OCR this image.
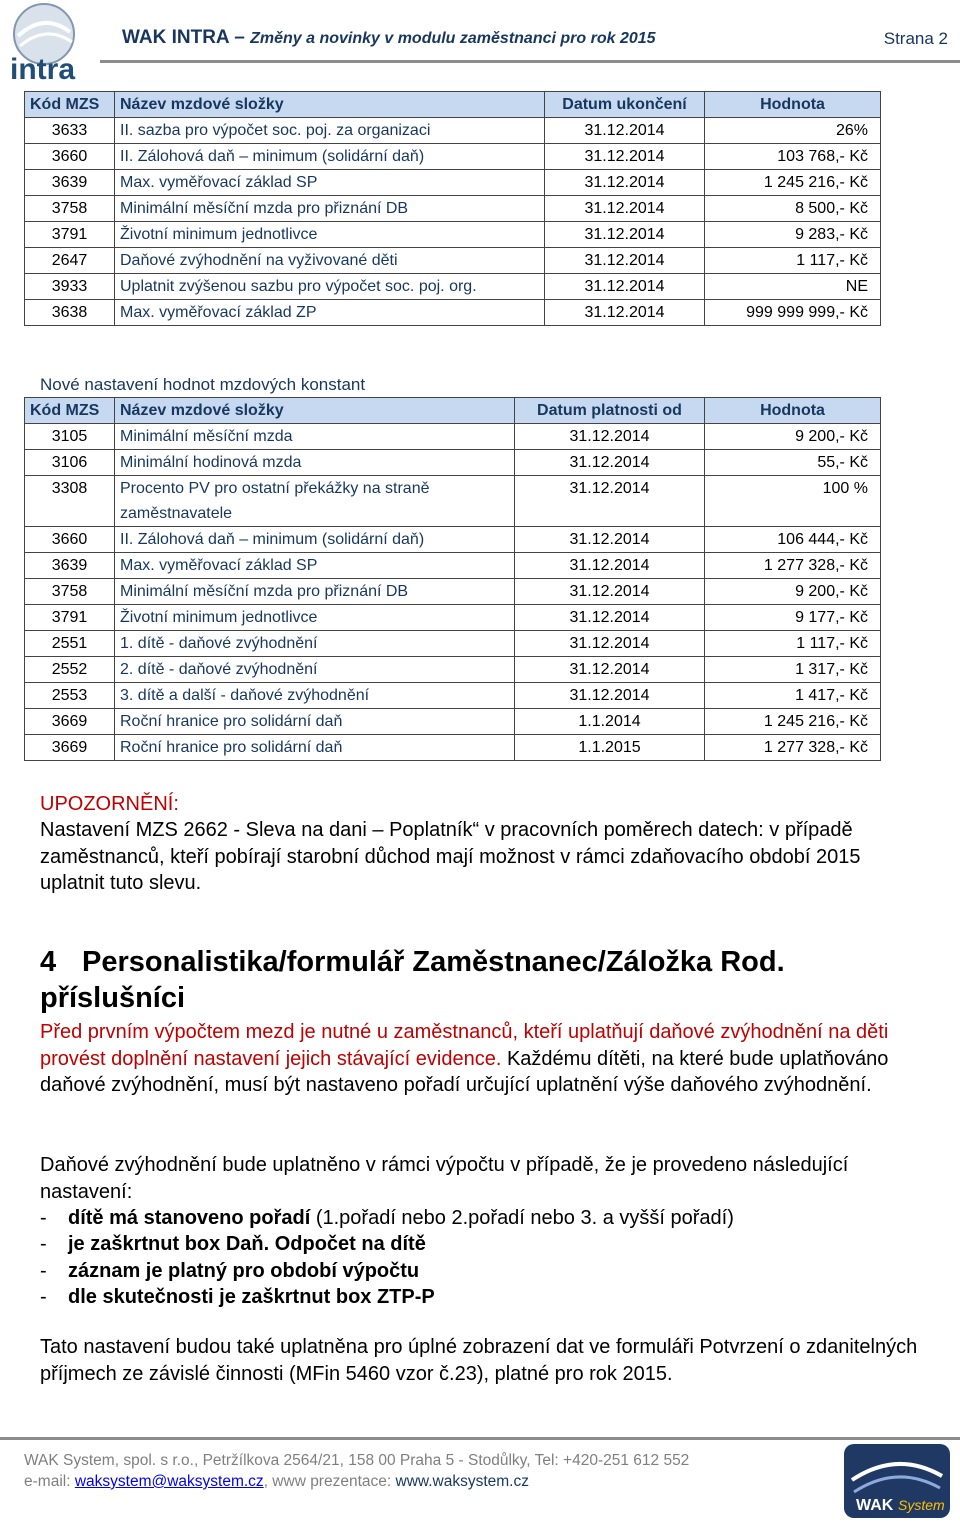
intra
WAK INTRA – Změny a novinky v modulu zaměstnanci pro rok 2015	Strana 2
Kód MZS	Název mzdové složky	Datum ukončení	Hodnota
3633	II. sazba pro výpočet soc. poj. za organizaci	31.12.2014	26%
3660	II. Zálohová daň – minimum (solidární daň)	31.12.2014	103 768,- Kč
3639	Max. vyměřovací základ SP	31.12.2014	1 245 216,- Kč
3758	Minimální měsíční mzda pro přiznání DB	31.12.2014	8 500,- Kč
3791	Životní minimum jednotlivce	31.12.2014	9 283,- Kč
2647	Daňové zvýhodnění na vyživované děti	31.12.2014	1 117,- Kč
3933	Uplatnit zvýšenou sazbu pro výpočet soc. poj. org.	31.12.2014	NE
3638	Max. vyměřovací základ ZP	31.12.2014	999 999 999,- Kč
Nové nastavení hodnot mzdových konstant
Kód MZS	Název mzdové složky	Datum platnosti od	Hodnota
3105	Minimální měsíční mzda	31.12.2014	9 200,- Kč
3106	Minimální hodinová mzda	31.12.2014	55,- Kč
3308	Procento PV pro ostatní překážky na straně zaměstnavatele	31.12.2014	100 %
3660	II. Zálohová daň – minimum (solidární daň)	31.12.2014	106 444,- Kč
3639	Max. vyměřovací základ SP	31.12.2014	1 277 328,- Kč
3758	Minimální měsíční mzda pro přiznání DB	31.12.2014	9 200,- Kč
3791	Životní minimum jednotlivce	31.12.2014	9 177,- Kč
2551	1. dítě - daňové zvýhodnění	31.12.2014	1 117,- Kč
2552	2. dítě - daňové zvýhodnění	31.12.2014	1 317,- Kč
2553	3. dítě a další - daňové zvýhodnění	31.12.2014	1 417,- Kč
3669	Roční hranice pro solidární daň	1.1.2014	1 245 216,- Kč
3669	Roční hranice pro solidární daň	1.1.2015	1 277 328,- Kč
UPOZORNĚNÍ:
Nastavení MZS 2662 - Sleva na dani – Poplatník“ v pracovních poměrech datech: v případě zaměstnanců, kteří pobírají starobní důchod mají možnost v rámci zdaňovacího období 2015 uplatnit tuto slevu.
4 Personalistika/formulář Zaměstnanec/Záložka Rod. příslušníci
Před prvním výpočtem mezd je nutné u zaměstnanců, kteří uplatňují daňové zvýhodnění na děti provést doplnění nastavení jejich stávající evidence. Každému dítěti, na které bude uplatňováno daňové zvýhodnění, musí být nastaveno pořadí určující uplatnění výše daňového zvýhodnění.
Daňové zvýhodnění bude uplatněno v rámci výpočtu v případě, že je provedeno následující nastavení:
- dítě má stanoveno pořadí (1.pořadí nebo 2.pořadí nebo 3. a vyšší pořadí)
- je zaškrtnut box Daň. Odpočet na dítě
- záznam je platný pro období výpočtu
- dle skutečnosti je zaškrtnut box ZTP-P
Tato nastavení budou také uplatněna pro úplné zobrazení dat ve formuláři Potvrzení o zdanitelných příjmech ze závislé činnosti (MFin 5460 vzor č.23), platné pro rok 2015.
WAK System, spol. s r.o., Petržílkova 2564/21, 158 00 Praha 5 - Stodůlky, Tel: +420-251 612 552
e-mail: waksystem@waksystem.cz, www prezentace: www.waksystem.cz
WAK System
